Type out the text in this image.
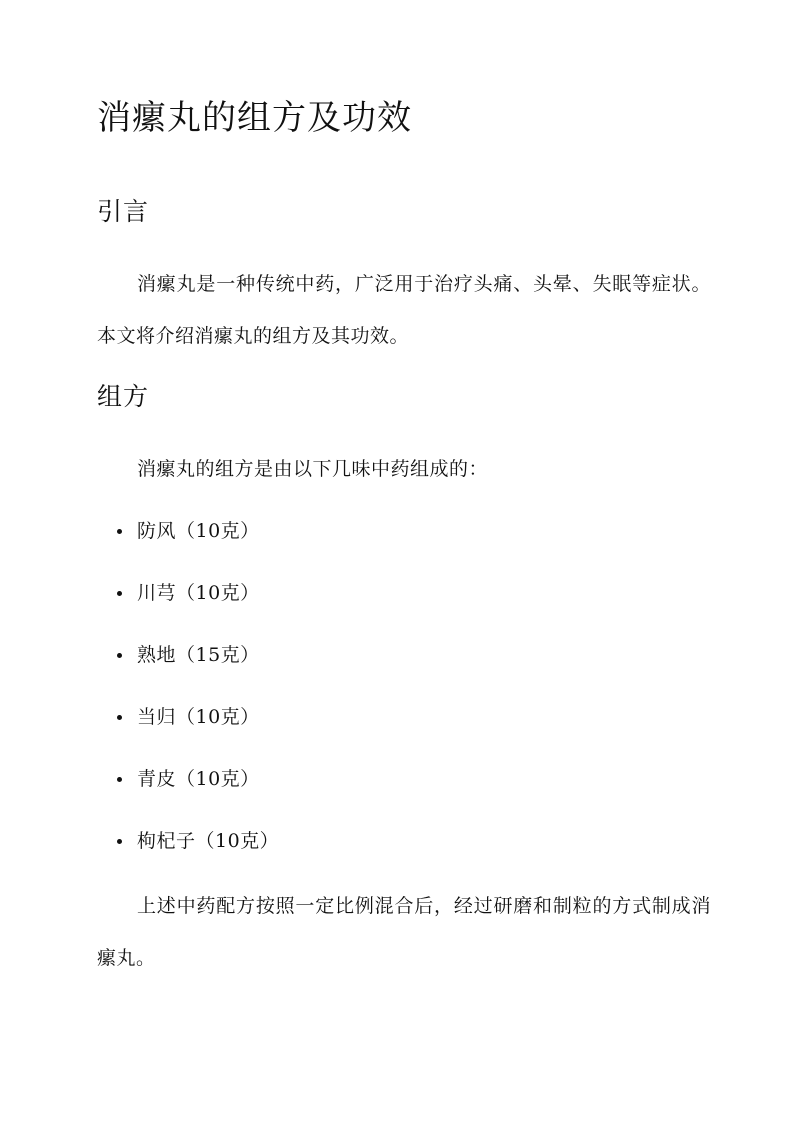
消瘰丸的组方及功效
引言

消瘰丸是一种传统中药，广泛用于治疗头痛、头晕、失眠等症状。本文将介绍消瘰丸的组方及其功效。

组方

消瘰丸的组方是由以下几味中药组成的：

防风（10克）
川芎（10克）
熟地（15克）
当归（10克）
青皮（10克）
枸杞子（10克）

上述中药配方按照一定比例混合后，经过研磨和制粒的方式制成消瘰丸。
